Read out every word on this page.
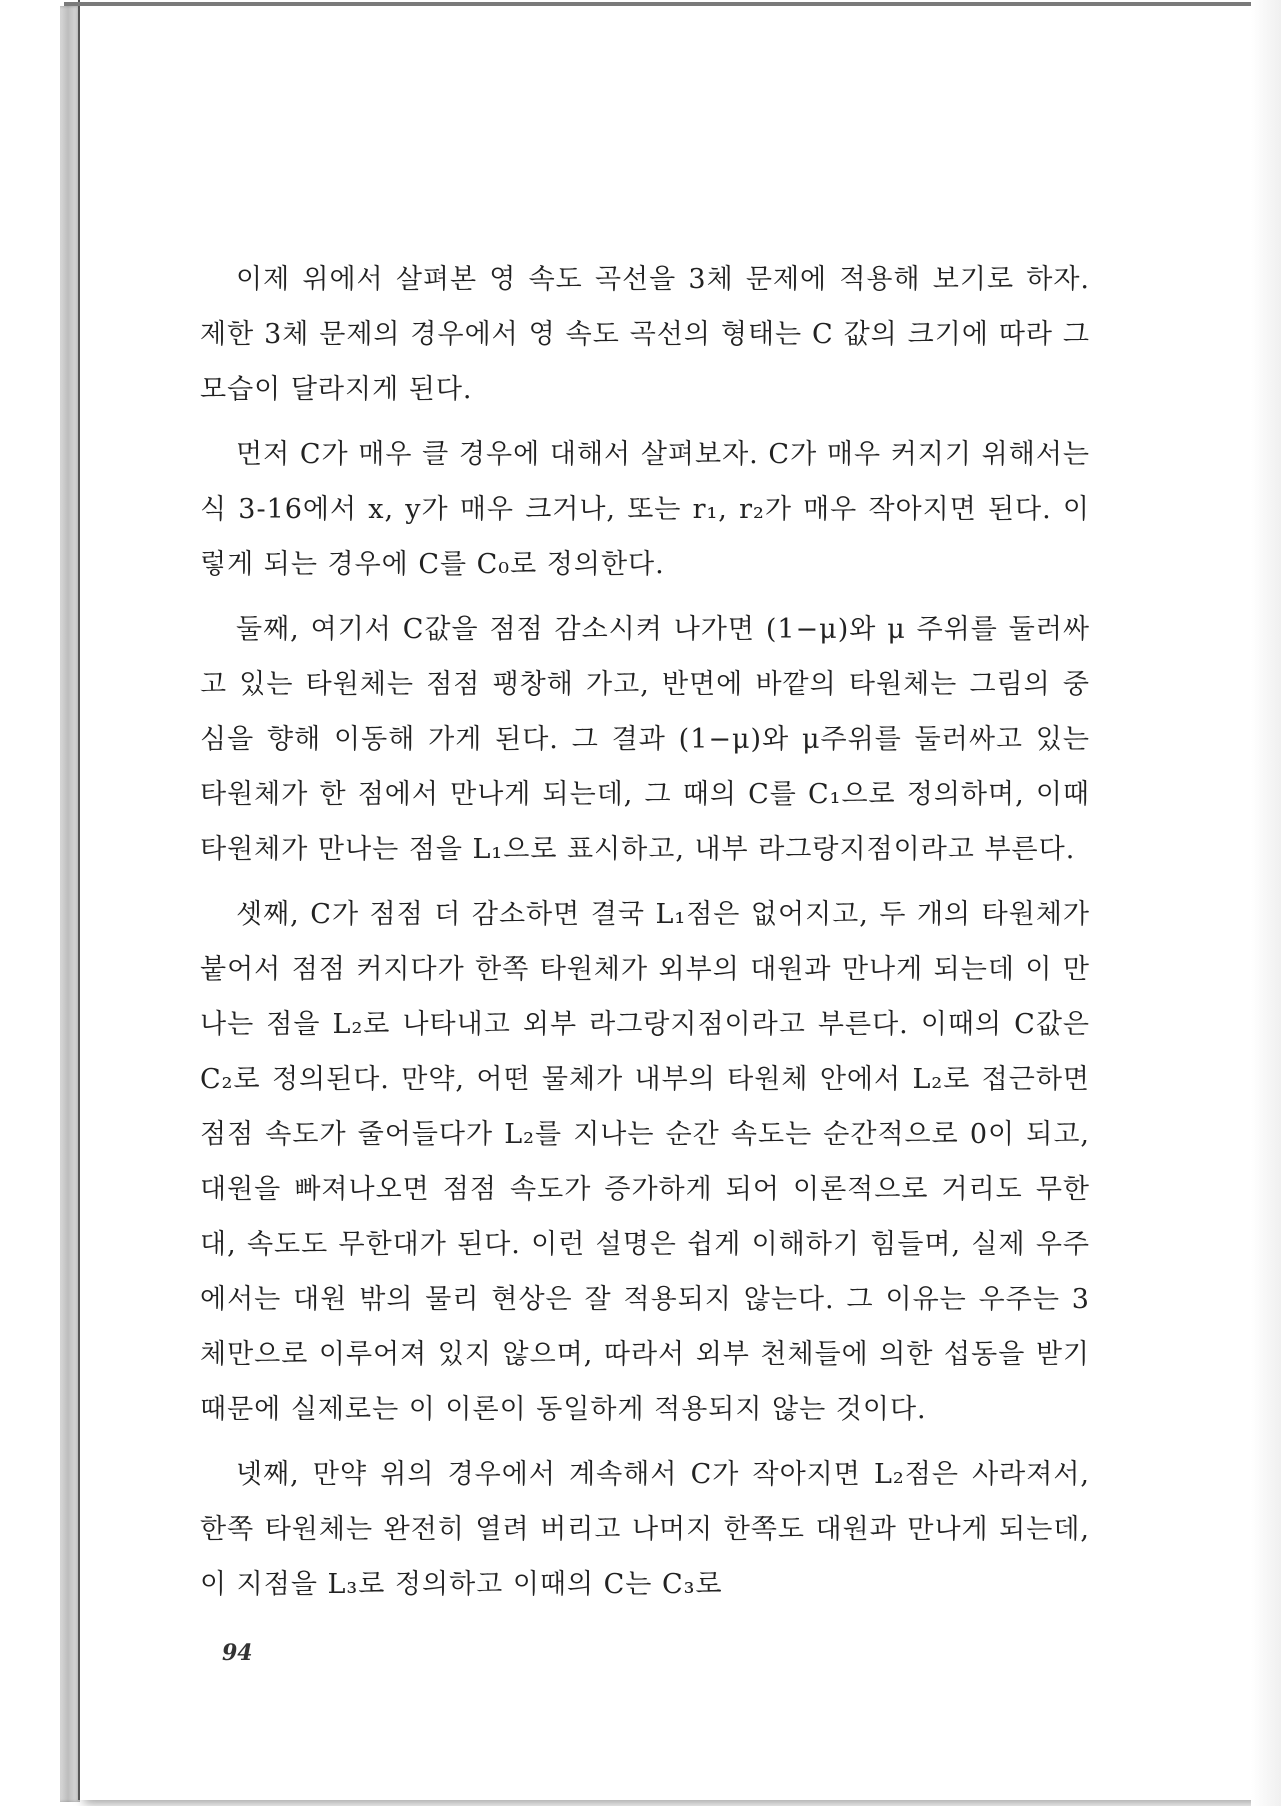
이제 위에서 살펴본 영 속도 곡선을 3체 문제에 적용해 보기로 하자. 제한 3체 문제의 경우에서 영 속도 곡선의 형태는 C 값의 크기에 따라 그 모습이 달라지게 된다.

먼저 C가 매우 클 경우에 대해서 살펴보자. C가 매우 커지기 위해서는 식 3-16에서 x, y가 매우 크거나, 또는 r₁, r₂가 매우 작아지면 된다. 이렇게 되는 경우에 C를 C₀로 정의한다.

둘째, 여기서 C값을 점점 감소시켜 나가면 (1−μ)와 μ 주위를 둘러싸고 있는 타원체는 점점 팽창해 가고, 반면에 바깥의 타원체는 그림의 중심을 향해 이동해 가게 된다. 그 결과 (1−μ)와 μ주위를 둘러싸고 있는 타원체가 한 점에서 만나게 되는데, 그 때의 C를 C₁으로 정의하며, 이때 타원체가 만나는 점을 L₁으로 표시하고, 내부 라그랑지점이라고 부른다.

셋째, C가 점점 더 감소하면 결국 L₁점은 없어지고, 두 개의 타원체가 붙어서 점점 커지다가 한쪽 타원체가 외부의 대원과 만나게 되는데 이 만나는 점을 L₂로 나타내고 외부 라그랑지점이라고 부른다. 이때의 C값은 C₂로 정의된다. 만약, 어떤 물체가 내부의 타원체 안에서 L₂로 접근하면 점점 속도가 줄어들다가 L₂를 지나는 순간 속도는 순간적으로 0이 되고, 대원을 빠져나오면 점점 속도가 증가하게 되어 이론적으로 거리도 무한대, 속도도 무한대가 된다. 이런 설명은 쉽게 이해하기 힘들며, 실제 우주에서는 대원 밖의 물리 현상은 잘 적용되지 않는다. 그 이유는 우주는 3체만으로 이루어져 있지 않으며, 따라서 외부 천체들에 의한 섭동을 받기 때문에 실제로는 이 이론이 동일하게 적용되지 않는 것이다.

넷째, 만약 위의 경우에서 계속해서 C가 작아지면 L₂점은 사라져서, 한쪽 타원체는 완전히 열려 버리고 나머지 한쪽도 대원과 만나게 되는데, 이 지점을 L₃로 정의하고 이때의 C는 C₃로

94
